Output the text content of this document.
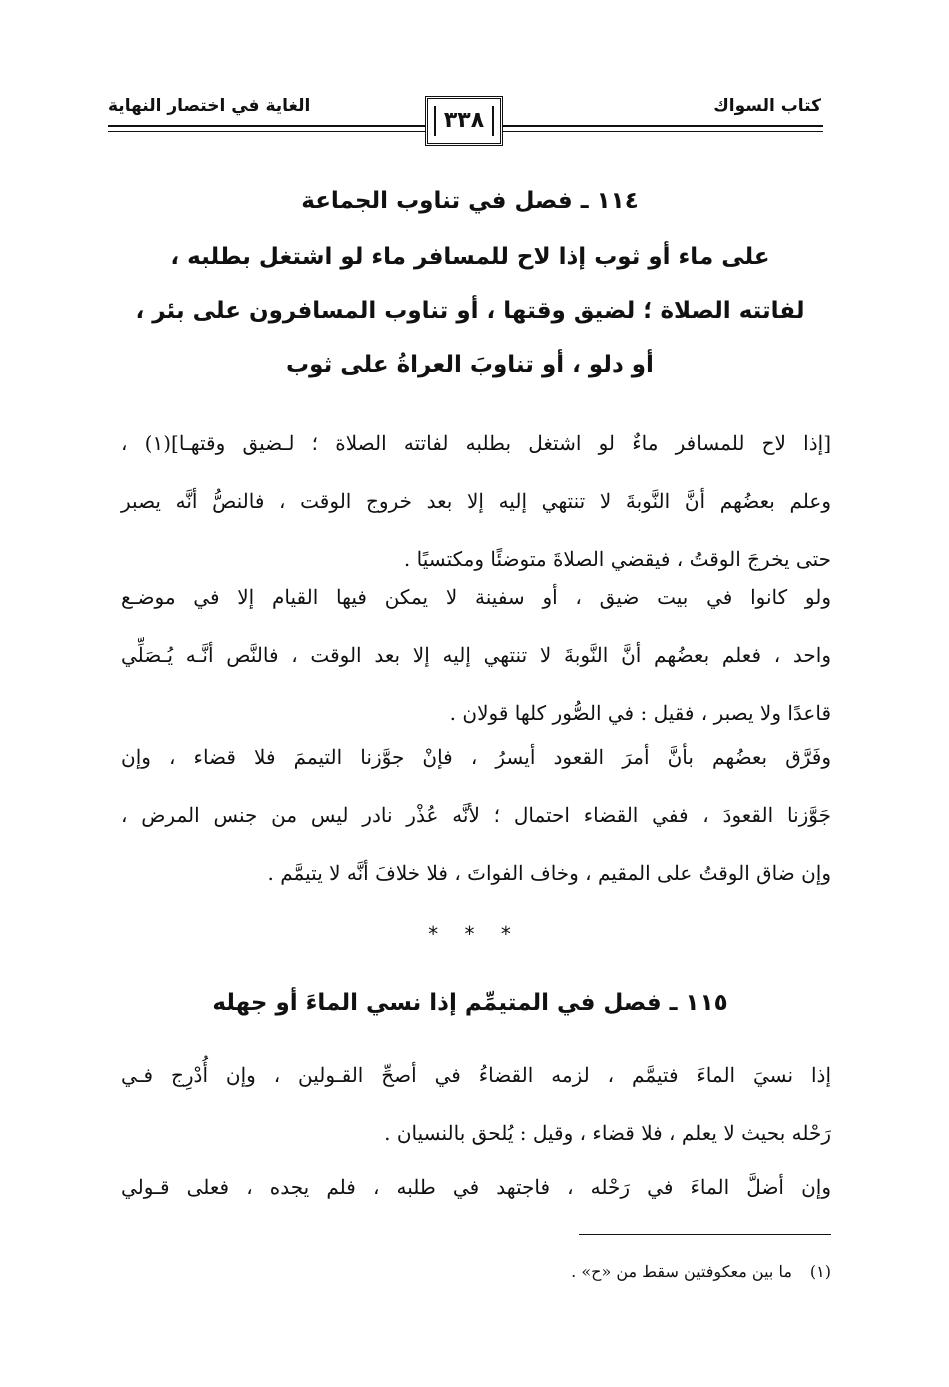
كتاب السواك
الغاية في اختصار النهاية
٣٣٨
١١٤ ـ فصل في تناوب الجماعة
على ماء أو ثوب إذا لاح للمسافر ماء لو اشتغل بطلبه ،
لفاتته الصلاة ؛ لضيق وقتها ، أو تناوب المسافرون على بئر ،
أو دلو ، أو تناوبَ العراةُ على ثوب
[إذا لاح للمسافر ماءٌ لو اشتغل بطلبه لفاتته الصلاة ؛ لـضيق وقتهـا](١) ،
وعلم بعضُهم أنَّ النَّوبةَ لا تنتهي إليه إلا بعد خروج الوقت ، فالنصُّ أنَّه يصبر
حتى يخرجَ الوقتُ ، فيقضي الصلاةَ متوضئًا ومكتسيًا .
ولو كانوا في بيت ضيق ، أو سفينة لا يمكن فيها القيام إلا في موضـع
واحد ، فعلم بعضُهم أنَّ النَّوبةَ لا تنتهي إليه إلا بعد الوقت ، فالنَّص أنَّـه يُـصَلِّي
قاعدًا ولا يصبر ، فقيل : في الصُّور كلها قولان .
وفَرَّق بعضُهم بأنَّ أمرَ القعود أيسرُ ، فإنْ جوَّزنا التيممَ فلا قضاء ، وإن
جَوَّزنا القعودَ ، ففي القضاء احتمال ؛ لأنَّه عُذْر نادر ليس من جنس المرض ،
وإن ضاق الوقتُ على المقيم ، وخاف الفواتَ ، فلا خلافَ أنَّه لا يتيمَّم .
* * *
١١٥ ـ فصل في المتيمِّم إذا نسي الماءَ أو جهله
إذا نسيَ الماءَ فتيمَّم ، لزمه القضاءُ في أصحِّ القـولين ، وإن أُدْرِج فـي
رَحْله بحيث لا يعلم ، فلا قضاء ، وقيل : يُلحق بالنسيان .
وإن أضلَّ الماءَ في رَحْله ، فاجتهد في طلبه ، فلم يجده ، فعلى قـولي
(١)ما بين معكوفتين سقط من «ح» .
